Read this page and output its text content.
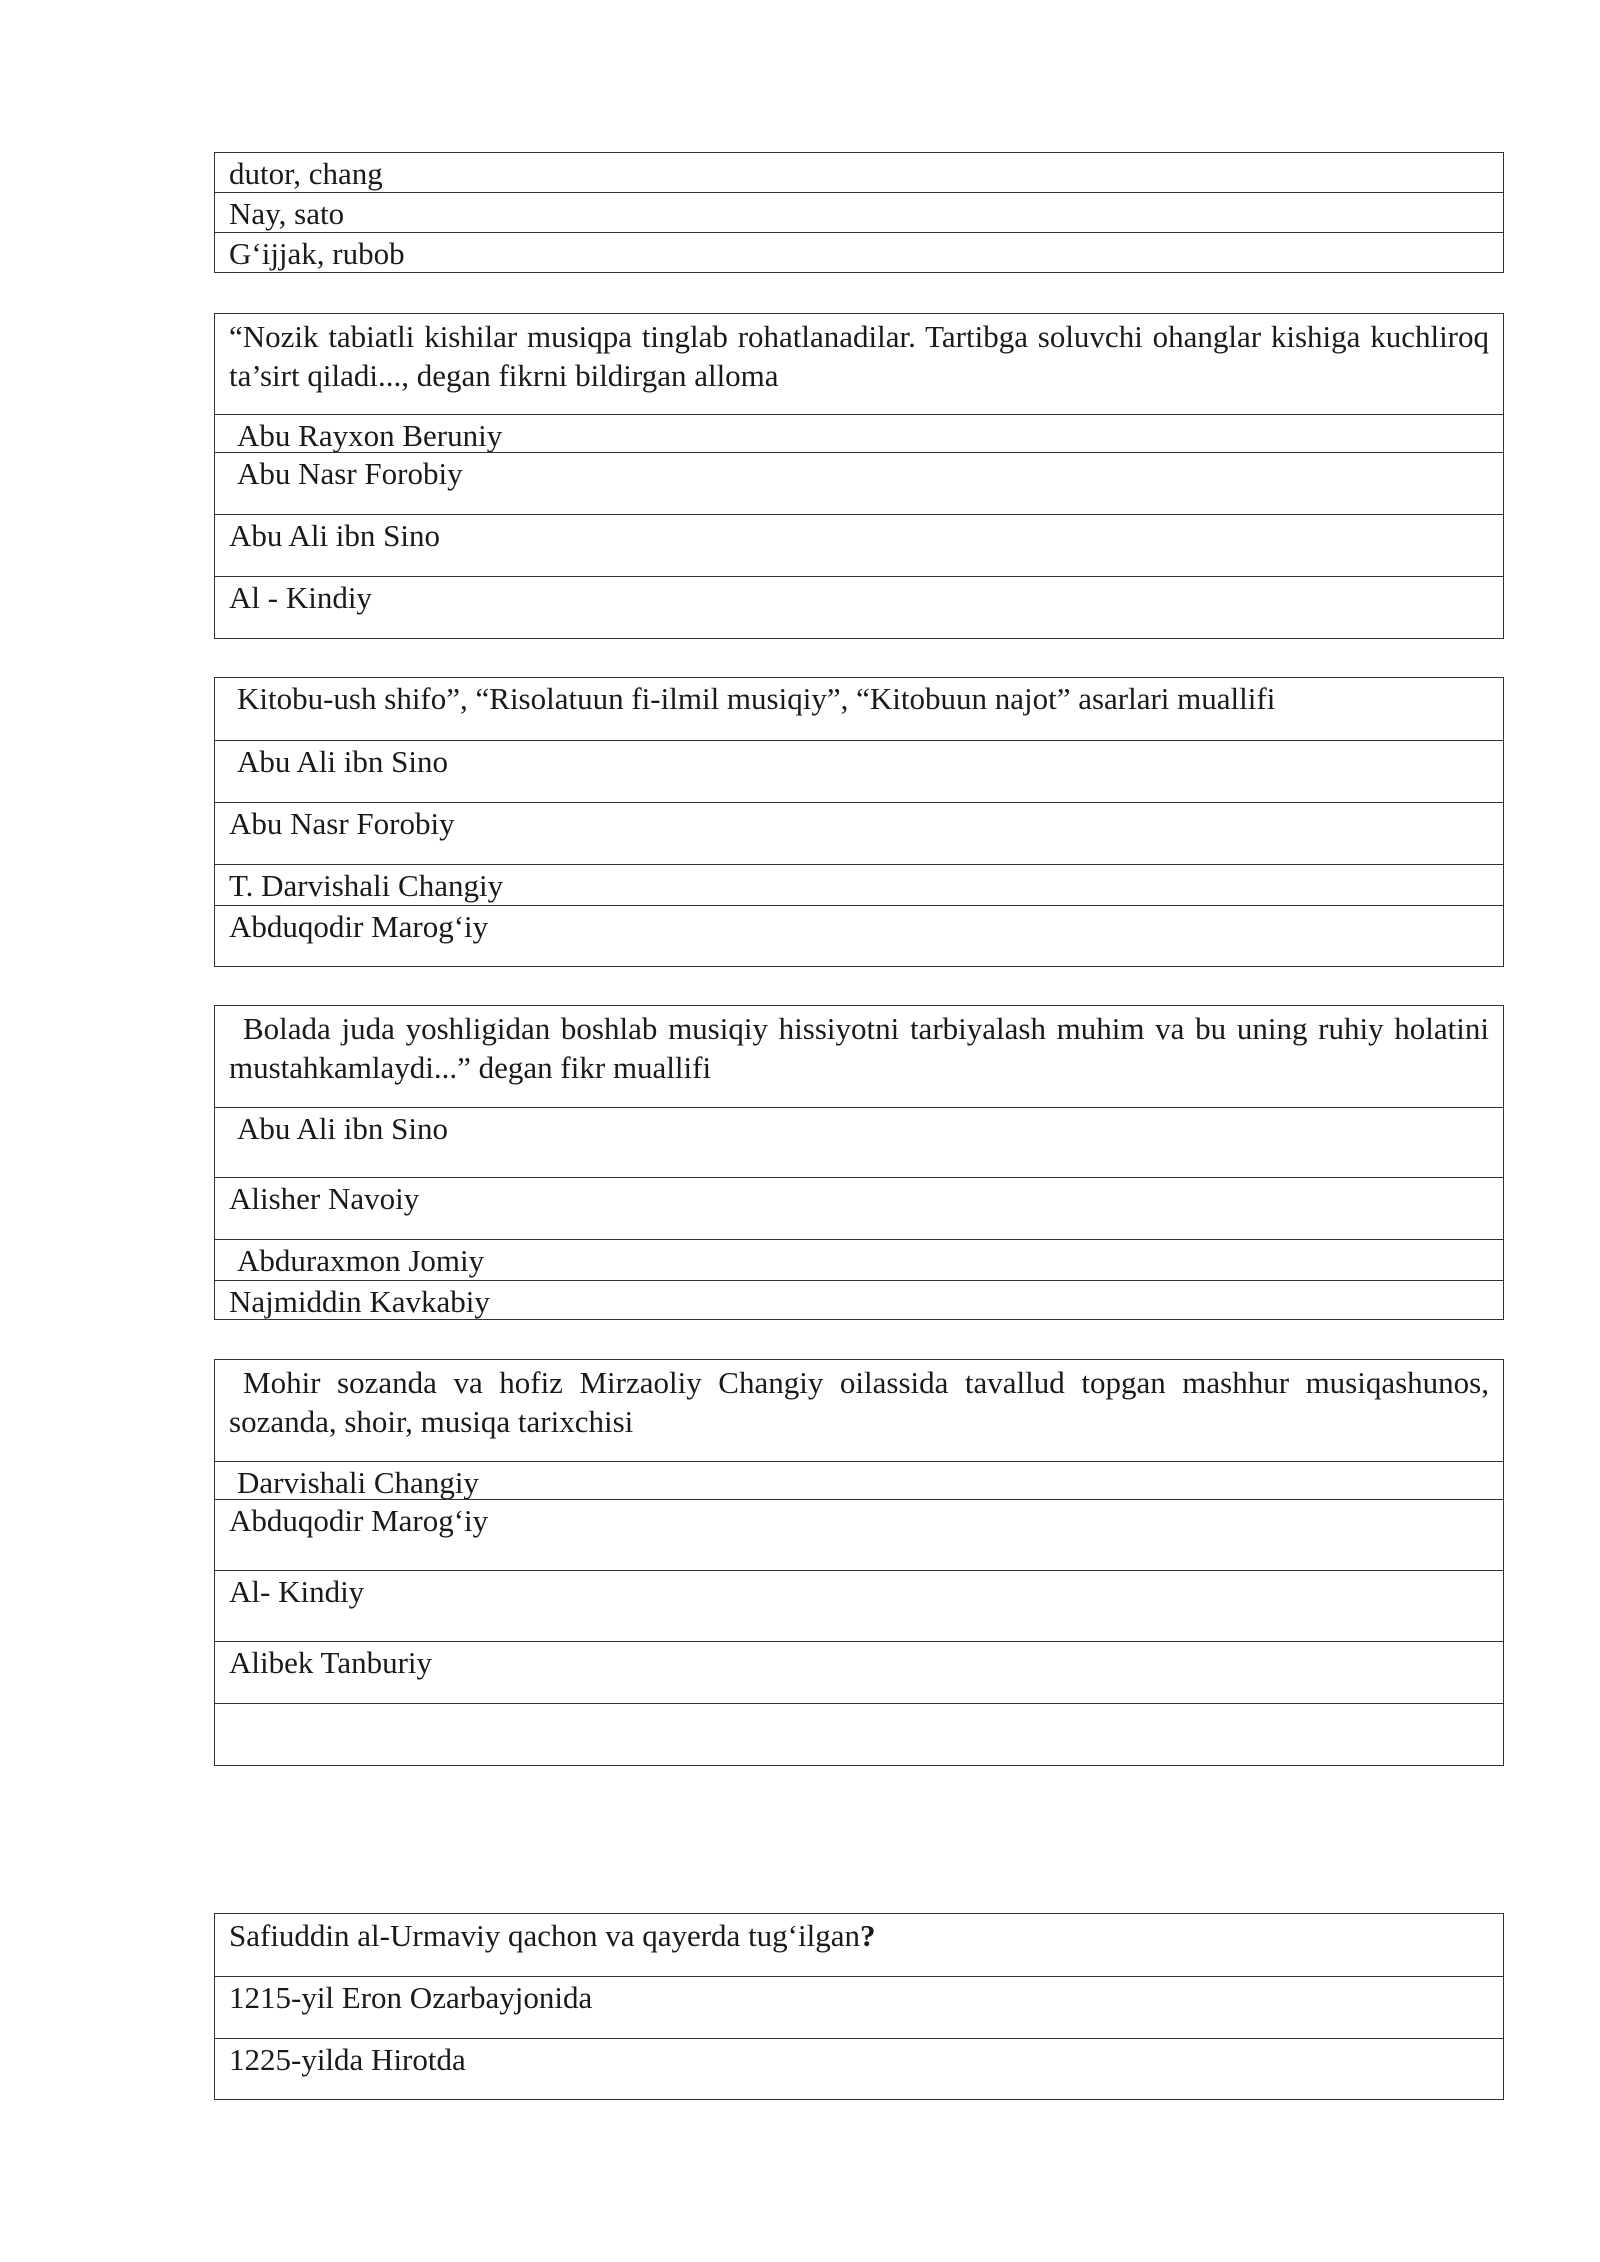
dutor, chang
Nay, sato
G‘ijjak, rubob
“Nozik tabiatli kishilar musiqpa tinglab rohatlanadilar. Tartibga soluvchi ohanglar kishiga kuchliroq ta’sirt qiladi..., degan fikrni bildirgan alloma
Abu Rayxon Beruniy
Abu Nasr Forobiy
Abu Ali ibn Sino
Al - Kindiy
Kitobu-ush shifo”, “Risolatuun fi-ilmil musiqiy”, “Kitobuun najot” asarlari muallifi
Abu Ali ibn Sino
Abu Nasr Forobiy
T. Darvishali Changiy
Abduqodir Marog‘iy
Bolada juda yoshligidan boshlab musiqiy hissiyotni tarbiyalash muhim va bu uning ruhiy holatini mustahkamlaydi...” degan fikr muallifi
Abu Ali ibn Sino
Alisher Navoiy
Abduraxmon Jomiy
Najmiddin Kavkabiy
Mohir sozanda va hofiz Mirzaoliy Changiy oilassida tavallud topgan mashhur musiqashunos, sozanda, shoir, musiqa tarixchisi
Darvishali Changiy
Abduqodir Marog‘iy
Al- Kindiy
Alibek Tanburiy
Safiuddin al-Urmaviy qachon va qayerda tug‘ilgan?
1215-yil Eron Ozarbayjonida
1225-yilda Hirotda
